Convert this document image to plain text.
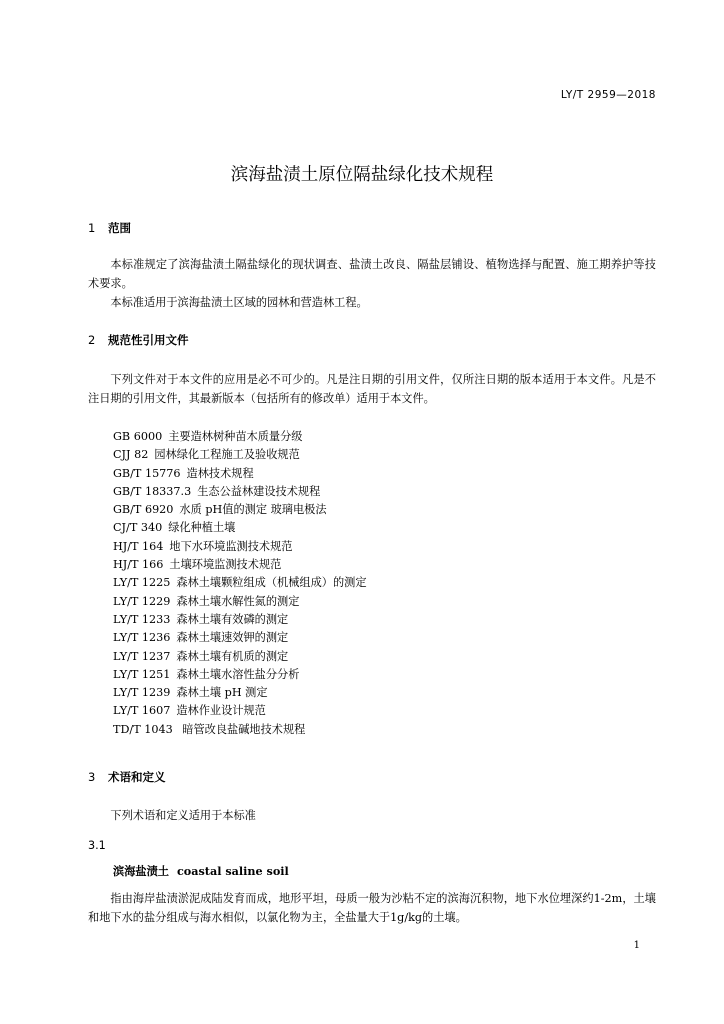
LY/T 2959—2018
滨海盐渍土原位隔盐绿化技术规程
1 范围

本标准规定了滨海盐渍土隔盐绿化的现状调查、盐渍土改良、隔盐层铺设、植物选择与配置、施工期养护等技术要求。

本标准适用于滨海盐渍土区域的园林和营造林工程。

2 规范性引用文件

下列文件对于本文件的应用是必不可少的。凡是注日期的引用文件，仅所注日期的版本适用于本文件。凡是不注日期的引用文件，其最新版本（包括所有的修改单）适用于本文件。

GB 6000 主要造林树种苗木质量分级
CJJ 82 园林绿化工程施工及验收规范
GB/T 15776 造林技术规程
GB/T 18337.3 生态公益林建设技术规程
GB/T 6920 水质 pH值的测定 玻璃电极法
CJ/T 340 绿化种植土壤
HJ/T 164 地下水环境监测技术规范
HJ/T 166 土壤环境监测技术规范
LY/T 1225 森林土壤颗粒组成（机械组成）的测定
LY/T 1229 森林土壤水解性氮的测定
LY/T 1233 森林土壤有效磷的测定
LY/T 1236 森林土壤速效钾的测定
LY/T 1237 森林土壤有机质的测定
LY/T 1251 森林土壤水溶性盐分分析
LY/T 1239 森林土壤 pH 测定
LY/T 1607 造林作业设计规范
TD/T 1043 暗管改良盐碱地技术规程
3 术语和定义

下列术语和定义适用于本标准

3.1
滨海盐渍土 coastal saline soil

指由海岸盐渍淤泥成陆发育而成，地形平坦，母质一般为沙粘不定的滨海沉积物，地下水位埋深约1-2m，土壤和地下水的盐分组成与海水相似，以氯化物为主，全盐量大于1g/kg的土壤。

1
